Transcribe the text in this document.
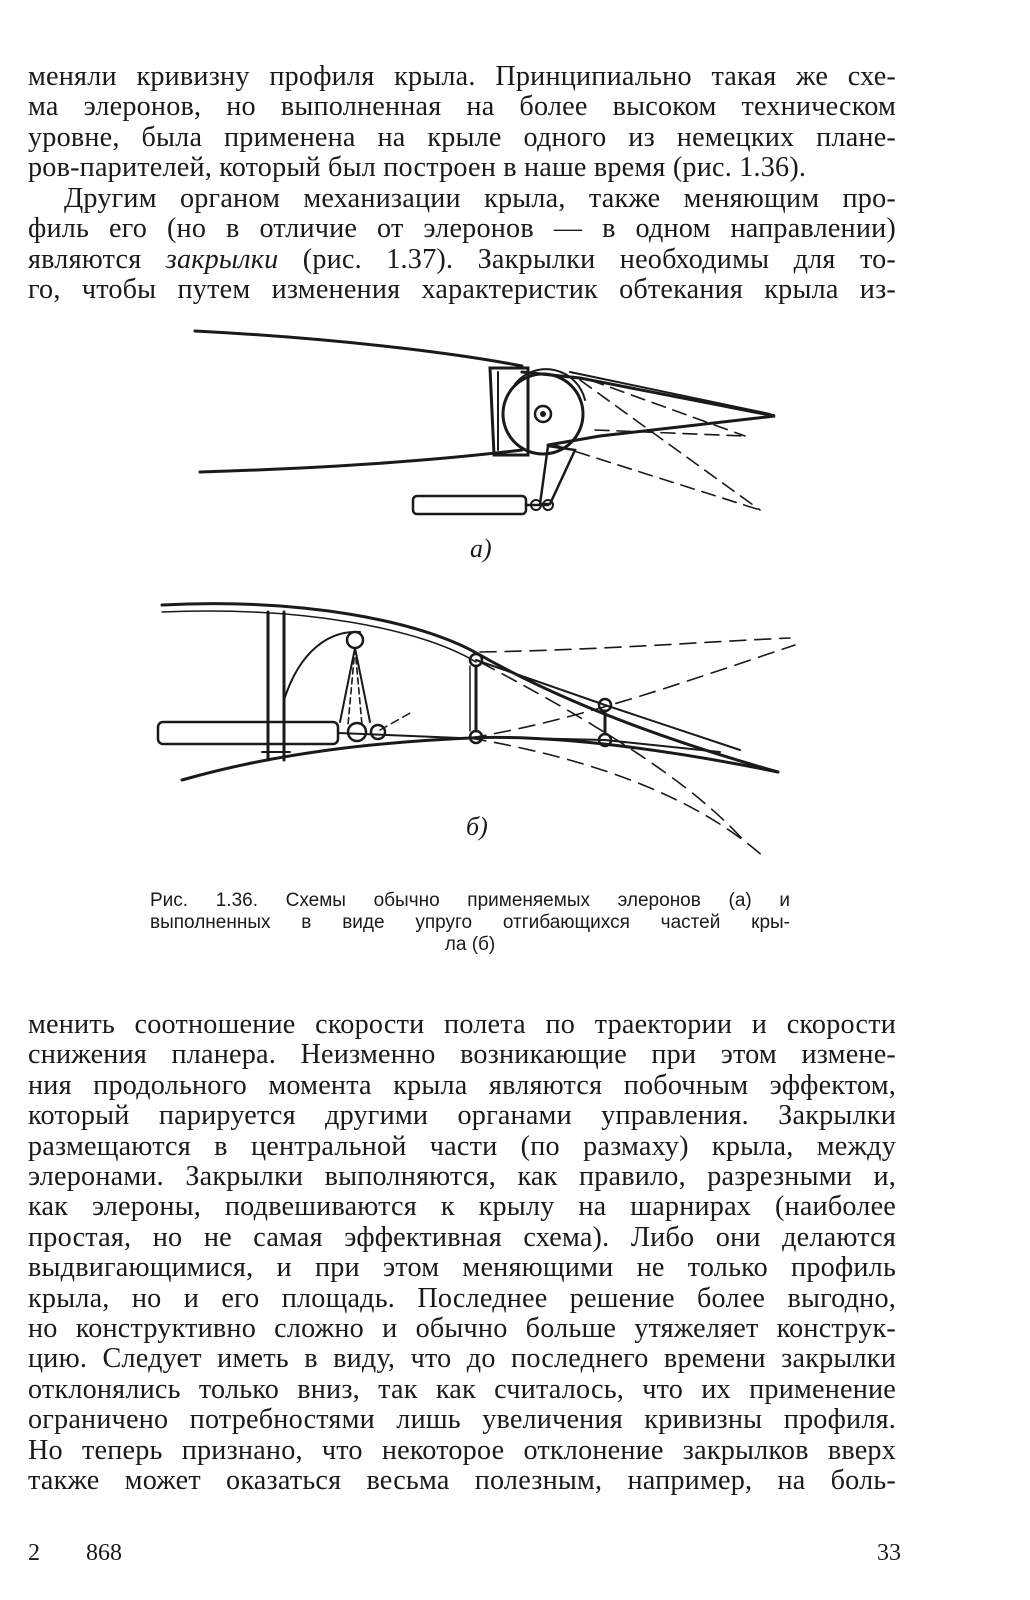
меняли кривизну профиля крыла. Принципиально такая же схе-
ма элеронов, но выполненная на более высоком техническом
уровне, была применена на крыле одного из немецких плане-
ров-парителей, который был построен в наше время (рис. 1.36).
Другим органом механизации крыла, также меняющим про-
филь его (но в отличие от элеронов — в одном направлении)
являются закрылки (рис. 1.37). Закрылки необходимы для то-
го, чтобы путем изменения характеристик обтекания крыла из-
а)
б)
Рис. 1.36. Схемы обычно применяемых элеронов (а) и
выполненных в виде упруго отгибающихся частей кры-
ла (б)
менить соотношение скорости полета по траектории и скорости
снижения планера. Неизменно возникающие при этом измене-
ния продольного момента крыла являются побочным эффектом,
который парируется другими органами управления. Закрылки
размещаются в центральной части (по размаху) крыла, между
элеронами. Закрылки выполняются, как правило, разрезными и,
как элероны, подвешиваются к крылу на шарнирах (наиболее
простая, но не самая эффективная схема). Либо они делаются
выдвигающимися, и при этом меняющими не только профиль
крыла, но и его площадь. Последнее решение более выгодно,
но конструктивно сложно и обычно больше утяжеляет конструк-
цию. Следует иметь в виду, что до последнего времени закрылки
отклонялись только вниз, так как считалось, что их применение
ограничено потребностями лишь увеличения кривизны профиля.
Но теперь признано, что некоторое отклонение закрылков вверх
также может оказаться весьма полезным, например, на боль-
2 868	33
